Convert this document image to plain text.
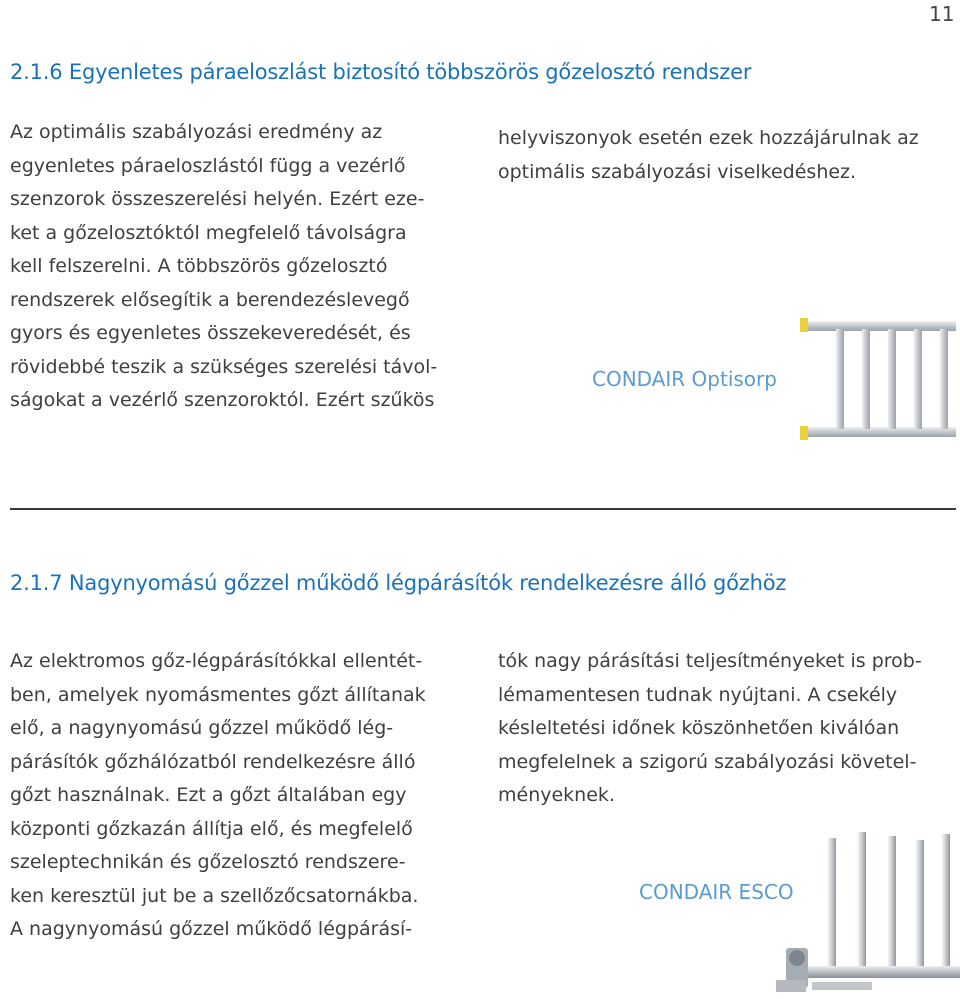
11
2.1.6 Egyenletes páraeloszlást biztosító többszörös gőzelosztó rendszer

Az optimális szabályozási eredmény az
egyenletes páraeloszlástól függ a vezérlő
szenzorok összeszerelési helyén. Ezért eze-
ket a gőzelosztóktól megfelelő távolságra
kell felszerelni. A többszörös gőzelosztó
rendszerek elősegítik a berendezéslevegő
gyors és egyenletes összekeveredését, és
rövidebbé teszik a szükséges szerelési távol-
ságokat a vezérlő szenzoroktól. Ezért szűkös

helyviszonyok esetén ezek hozzájárulnak az
optimális szabályozási viselkedéshez.

CONDAIR Optisorp
2.1.7 Nagynyomású gőzzel működő légpárásítók rendelkezésre álló gőzhöz

Az elektromos gőz-légpárásítókkal ellentét-
ben, amelyek nyomásmentes gőzt állítanak
elő, a nagynyomású gőzzel működő lég-
párásítók gőzhálózatból rendelkezésre álló
gőzt használnak. Ezt a gőzt általában egy
központi gőzkazán állítja elő, és megfelelő
szeleptechnikán és gőzelosztó rendszere-
ken keresztül jut be a szellőzőcsatornákba.
A nagynyomású gőzzel működő légpárásí-

tók nagy párásítási teljesítményeket is prob-
lémamentesen tudnak nyújtani. A csekély
késleltetési időnek köszönhetően kiválóan
megfelelnek a szigorú szabályozási követel-
ményeknek.

CONDAIR ESCO
